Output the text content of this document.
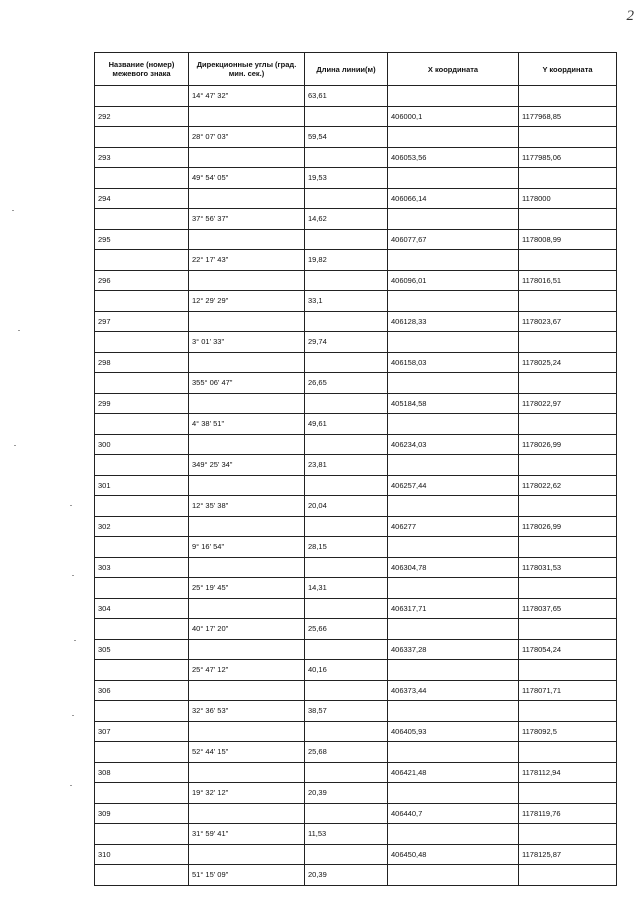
2
Название (номер) межевого знака	Дирекционные углы (град. мин. сек.)	Длина линии(м)	X координата	Y координата
	14° 47' 32"	63,61		
292			406000,1	1177968,85
	28° 07' 03"	59,54		
293			406053,56	1177985,06
	49° 54' 05"	19,53		
294			406066,14	1178000
	37° 56' 37"	14,62		
295			406077,67	1178008,99
	22° 17' 43"	19,82		
296			406096,01	1178016,51
	12° 29' 29"	33,1		
297			406128,33	1178023,67
	3° 01' 33"	29,74		
298			406158,03	1178025,24
	355° 06' 47"	26,65		
299			405184,58	1178022,97
	4° 38' 51"	49,61		
300			406234,03	1178026,99
	349° 25' 34"	23,81		
301			406257,44	1178022,62
	12° 35' 38"	20,04		
302			406277	1178026,99
	9° 16' 54"	28,15		
303			406304,78	1178031,53
	25° 19' 45"	14,31		
304			406317,71	1178037,65
	40° 17' 20"	25,66		
305			406337,28	1178054,24
	25° 47' 12"	40,16		
306			406373,44	1178071,71
	32° 36' 53"	38,57		
307			406405,93	1178092,5
	52° 44' 15"	25,68		
308			406421,48	1178112,94
	19° 32' 12"	20,39		
309			406440,7	1178119,76
	31° 59' 41"	11,53		
310			406450,48	1178125,87
	51° 15' 09"	20,39		
